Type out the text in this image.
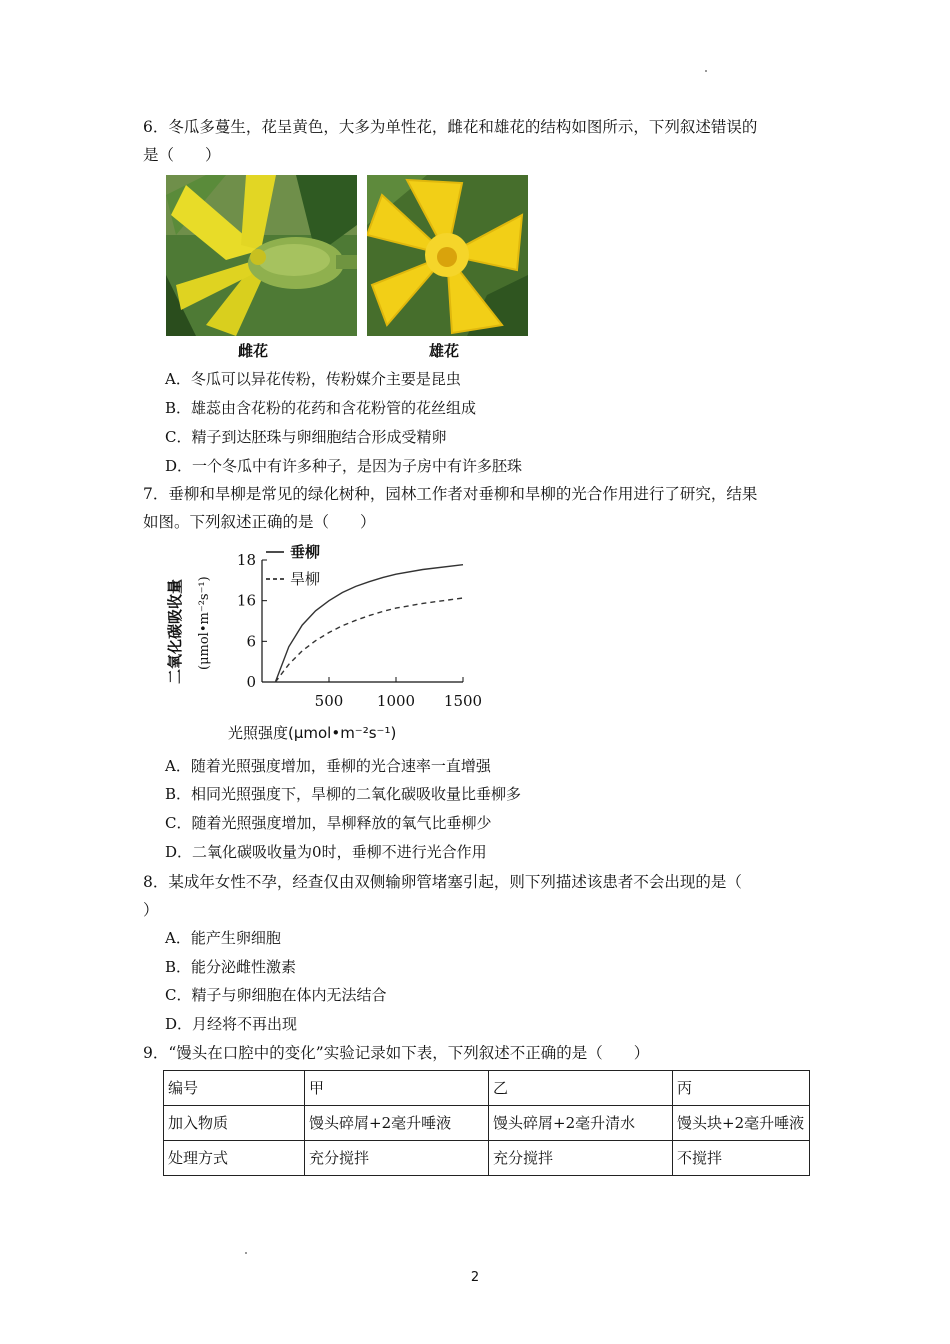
6．冬瓜多蔓生，花呈黄色，大多为单性花，雌花和雄花的结构如图所示，下列叙述错误的
是（　　）
雌花	雄花
A．冬瓜可以异花传粉，传粉媒介主要是昆虫
B．雄蕊由含花粉的花药和含花粉管的花丝组成
C．精子到达胚珠与卵细胞结合形成受精卵
D．一个冬瓜中有许多种子，是因为子房中有许多胚珠
7．垂柳和旱柳是常见的绿化树种，园林工作者对垂柳和旱柳的光合作用进行了研究，结果
如图。下列叙述正确的是（　　）
二氧化碳吸收量 (μmol•m⁻²s⁻¹)
0
6
16
18
500 1000 1500
垂柳
旱柳
光照强度(μmol•m⁻²s⁻¹)
A．随着光照强度增加，垂柳的光合速率一直增强
B．相同光照强度下，旱柳的二氧化碳吸收量比垂柳多
C．随着光照强度增加，旱柳释放的氧气比垂柳少
D．二氧化碳吸收量为0时，垂柳不进行光合作用
8．某成年女性不孕，经查仅由双侧输卵管堵塞引起，则下列描述该患者不会出现的是（
）
A．能产生卵细胞
B．能分泌雌性激素
C．精子与卵细胞在体内无法结合
D．月经将不再出现
9．“馒头在口腔中的变化”实验记录如下表，下列叙述不正确的是（　　）
编号	甲	乙	丙
加入物质	馒头碎屑+2毫升唾液	馒头碎屑+2毫升清水	馒头块+2毫升唾液
处理方式	充分搅拌	充分搅拌	不搅拌
2
